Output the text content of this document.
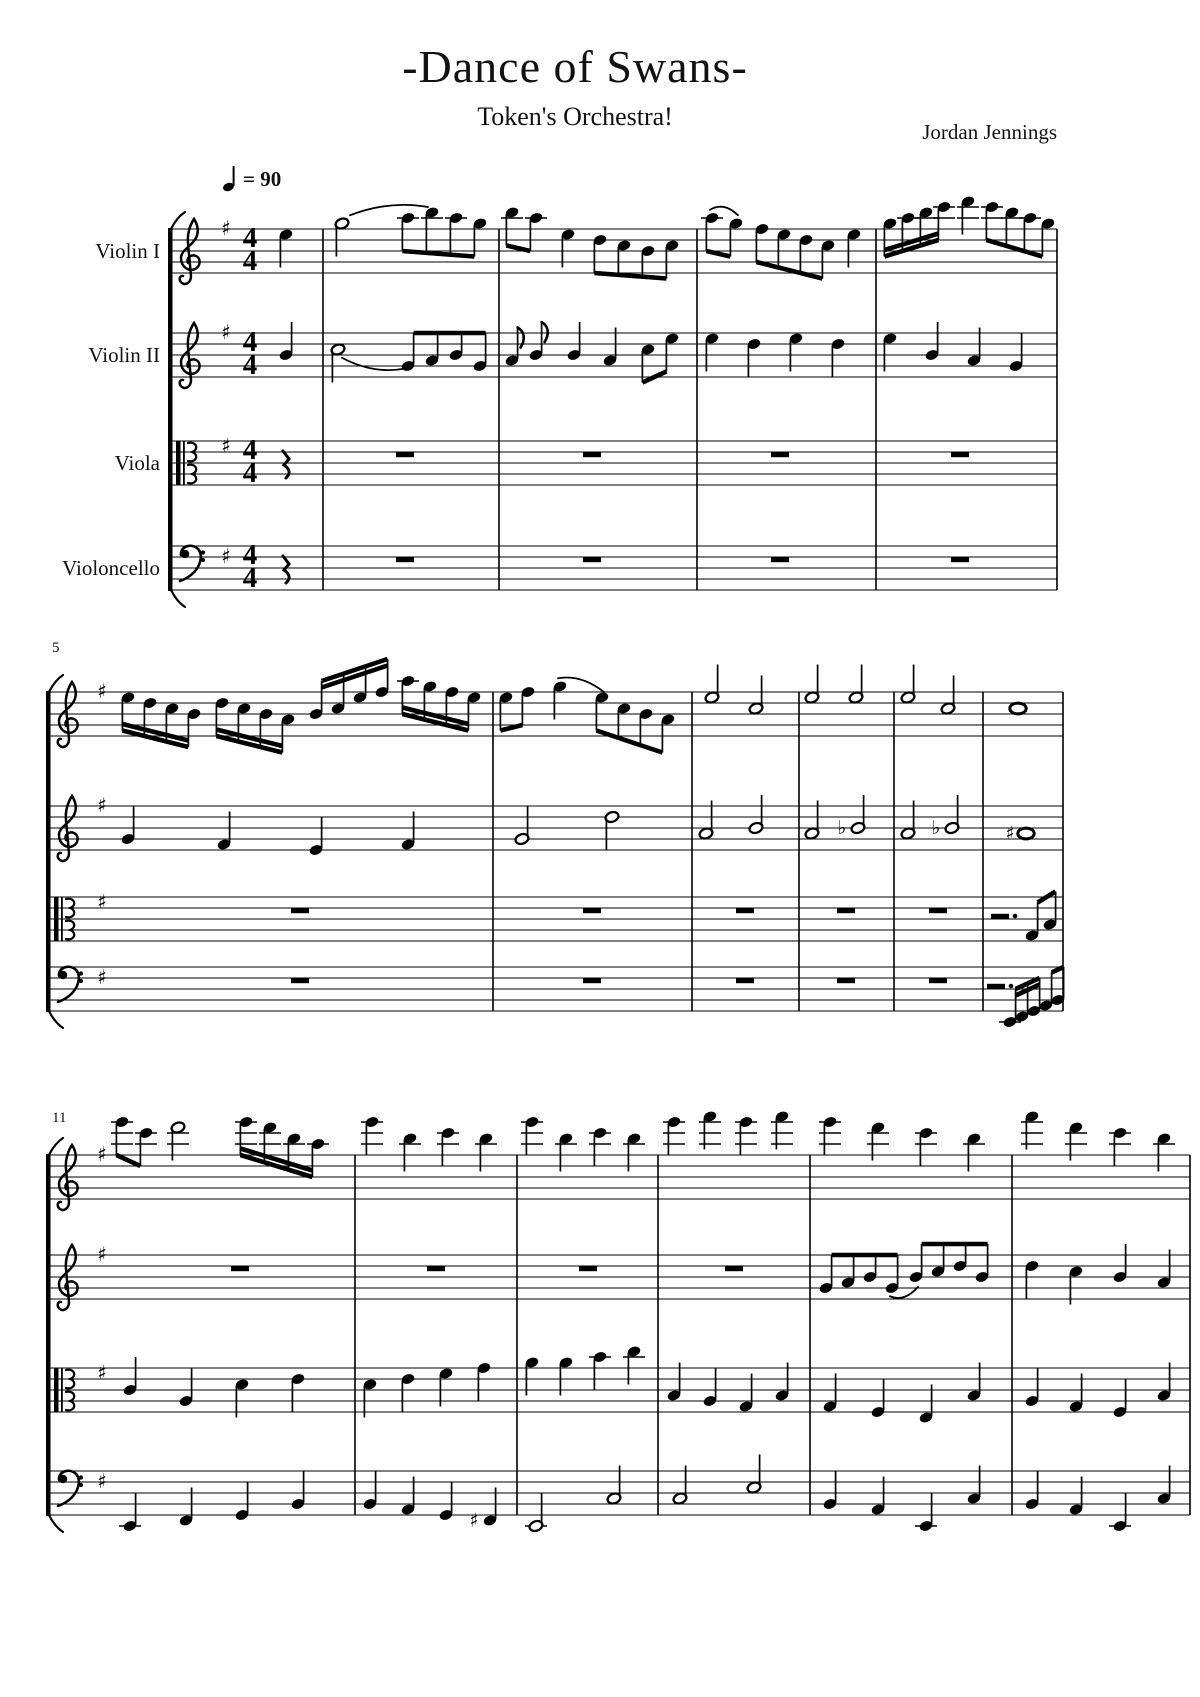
♯ 4
4
♯ 4
4
♯ 4
4
♯ 4
4
♯
♯
♭	♭	♯
♯
♯
♯
♯
♯
♯
♯
-Dance of Swans-
Token's Orchestra!
Jordan Jennings
= 90
Violin I
Violin II
Viola
Violoncello
5
11
